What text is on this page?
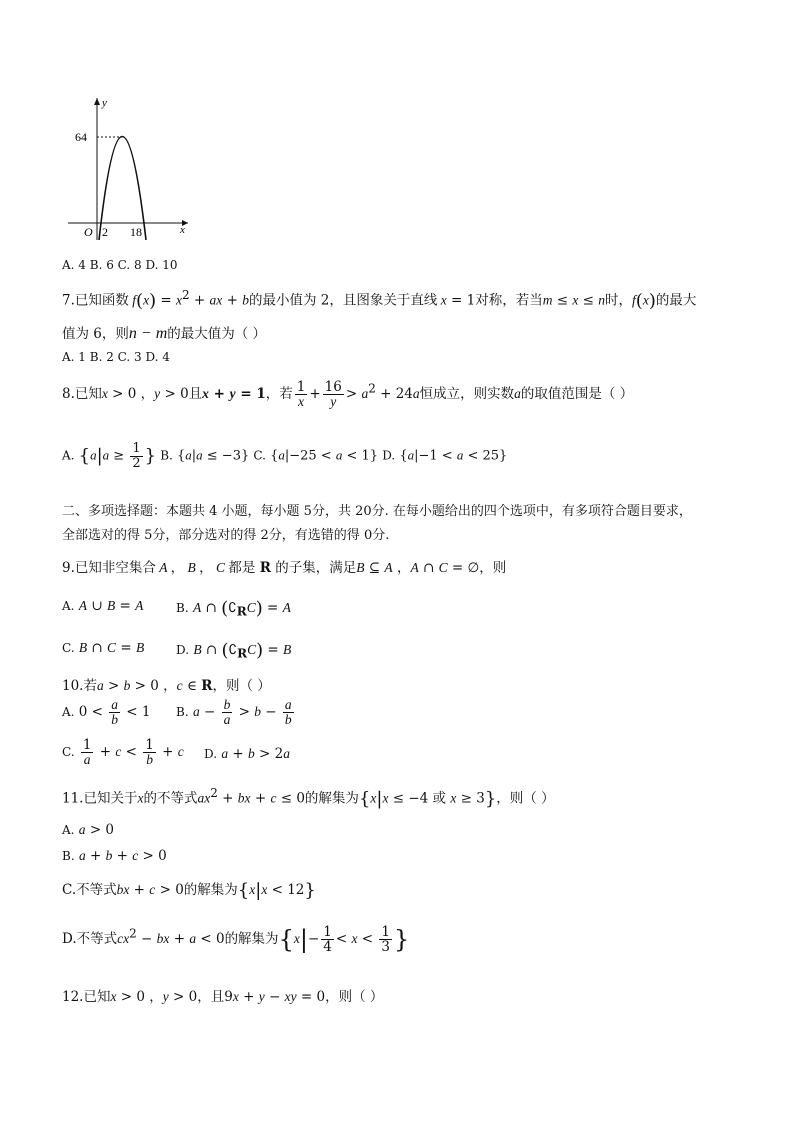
y
x
64
O 2 18
A. 4 B. 6 C. 8 D. 10
7.已知函数 $f(x) = x^2$ + ax + b的最小值为 2，且图象关于直线 x = 1对称，若当m ≤ x ≤ n时，f(x)的最大
值为 6，则n − m的最大值为（ ）
A. 1 B. 2 C. 3 D. 4
8.已知x > 0 ，y > 0且x + y = 1，若 $\frac{1}{x} + \frac{16}{y} > a^2 + 24a$恒成立，则实数a的取值范围是（ ）
A. {$a|a \ge \frac{1}{2}$ } B. {a|a ≤ −3} C. {a|−25 < a < 1} D. {a|−1 < a < 25}
二、多项选择题：本题共 4 小题，每小题 5分，共 20分. 在每小题给出的四个选项中，有多项符合题目要求，
全部选对的得 5分，部分选对的得 2分，有选错的得 0分.
9.已知非空集合 A ， B ， C 都是 R 的子集，满足B ⊆ A ，A ∩ C = ∅，则
A. A ∪ B = A	B. A ∩ $(∁_RC) = A$
C. B ∩ C = B	D. B ∩ $(∁_RC) = B$
10.若a > b > 0 ，c ∈ R，则（ ）
A. $0 < \frac{a}{b} < 1$ B. $a - \frac{b}{a} > b - \frac{a}{b}$
C. $\frac{1}{a} + c < \frac{1}{b} + c$ D. a + b > 2a
11.已知关于x的不等式$ax^2$ + bx + c ≤ 0的解集为{x|x ≤ −4 或 x ≥ 3}，则（ ）
A. a > 0
B. a + b + c > 0
C.不等式bx + c > 0的解集为{x|x < 12}
D.不等式$cx^2$ − bx + a < 0的解集为{$x|- \frac{1}{4} < x < \frac{1}{3}$ }
12.已知x > 0 ，y > 0，且9x + y − xy = 0，则（ ）
